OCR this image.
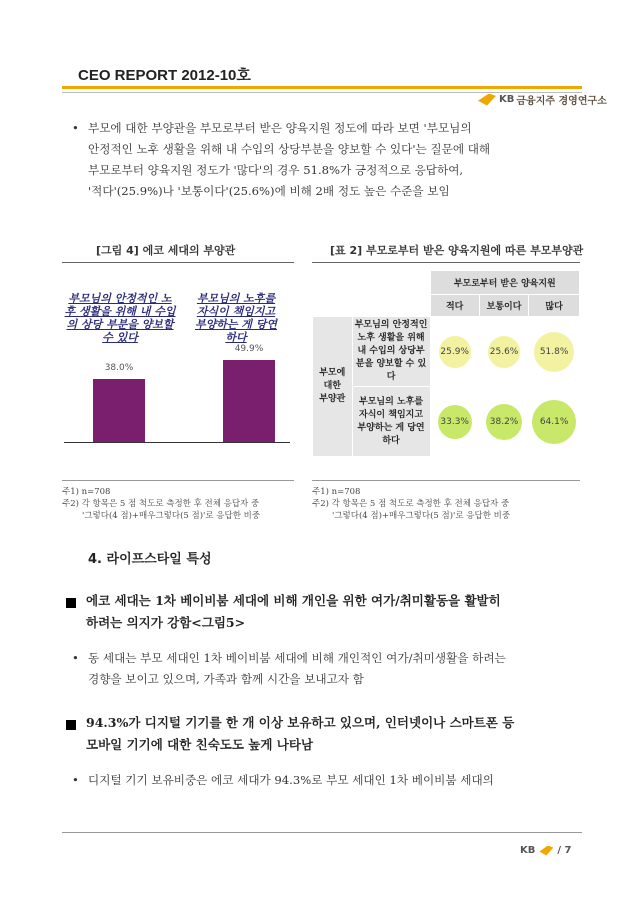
CEO REPORT 2012-10호
KB 금융지주 경영연구소
• 부모에 대한 부양관을 부모로부터 받은 양육지원 정도에 따라 보면 '부모님의
안정적인 노후 생활을 위해 내 수입의 상당부분을 양보할 수 있다'는 질문에 대해
부모로부터 양육지원 정도가 '많다'의 경우 51.8%가 긍정적으로 응답하여,
'적다'(25.9%)나 '보통이다'(25.6%)에 비해 2배 정도 높은 수준을 보임
[그림 4] 에코 세대의 부양관
부모님의 안정적인 노후 생활을 위해 내 수입의 상당 부분을 양보할 수 있다
부모님의 노후를 자식이 책임지고 부양하는 게 당연하다
38.0%
49.9%
주1) n=708
주2) 각 항목은 5 점 척도로 측정한 후 전체 응답자 중
'그렇다(4 점)+매우그렇다(5 점)'로 응답한 비중
[표 2] 부모로부터 받은 양육지원에 따른 부모부양관
		부모로부터 받은 양육지원		
		적다	보통이다	많다

부모에
대한
부양관	부모님의 안정적인 노후 생활을 위해 내 수입의 상당부분을 양보할 수 있다	25.9%	25.6%	51.8%

	부모님의 노후를 자식이 책임지고 부양하는 게 당연하다	33.3%	38.2%	64.1%
주1) n=708
주2) 각 항목은 5 점 척도로 측정한 후 전체 응답자 중
'그렇다(4 점)+매우그렇다(5 점)'로 응답한 비중
4. 라이프스타일 특성
에코 세대는 1차 베이비붐 세대에 비해 개인을 위한 여가/취미활동을 활발히
하려는 의지가 강함<그림5>
• 동 세대는 부모 세대인 1차 베이비붐 세대에 비해 개인적인 여가/취미생활을 하려는
경향을 보이고 있으며, 가족과 함께 시간을 보내고자 함
94.3%가 디지털 기기를 한 개 이상 보유하고 있으며, 인터넷이나 스마트폰 등
모바일 기기에 대한 친숙도도 높게 나타남
• 디지털 기기 보유비중은 에코 세대가 94.3%로 부모 세대인 1차 베이비붐 세대의
KB / 7
